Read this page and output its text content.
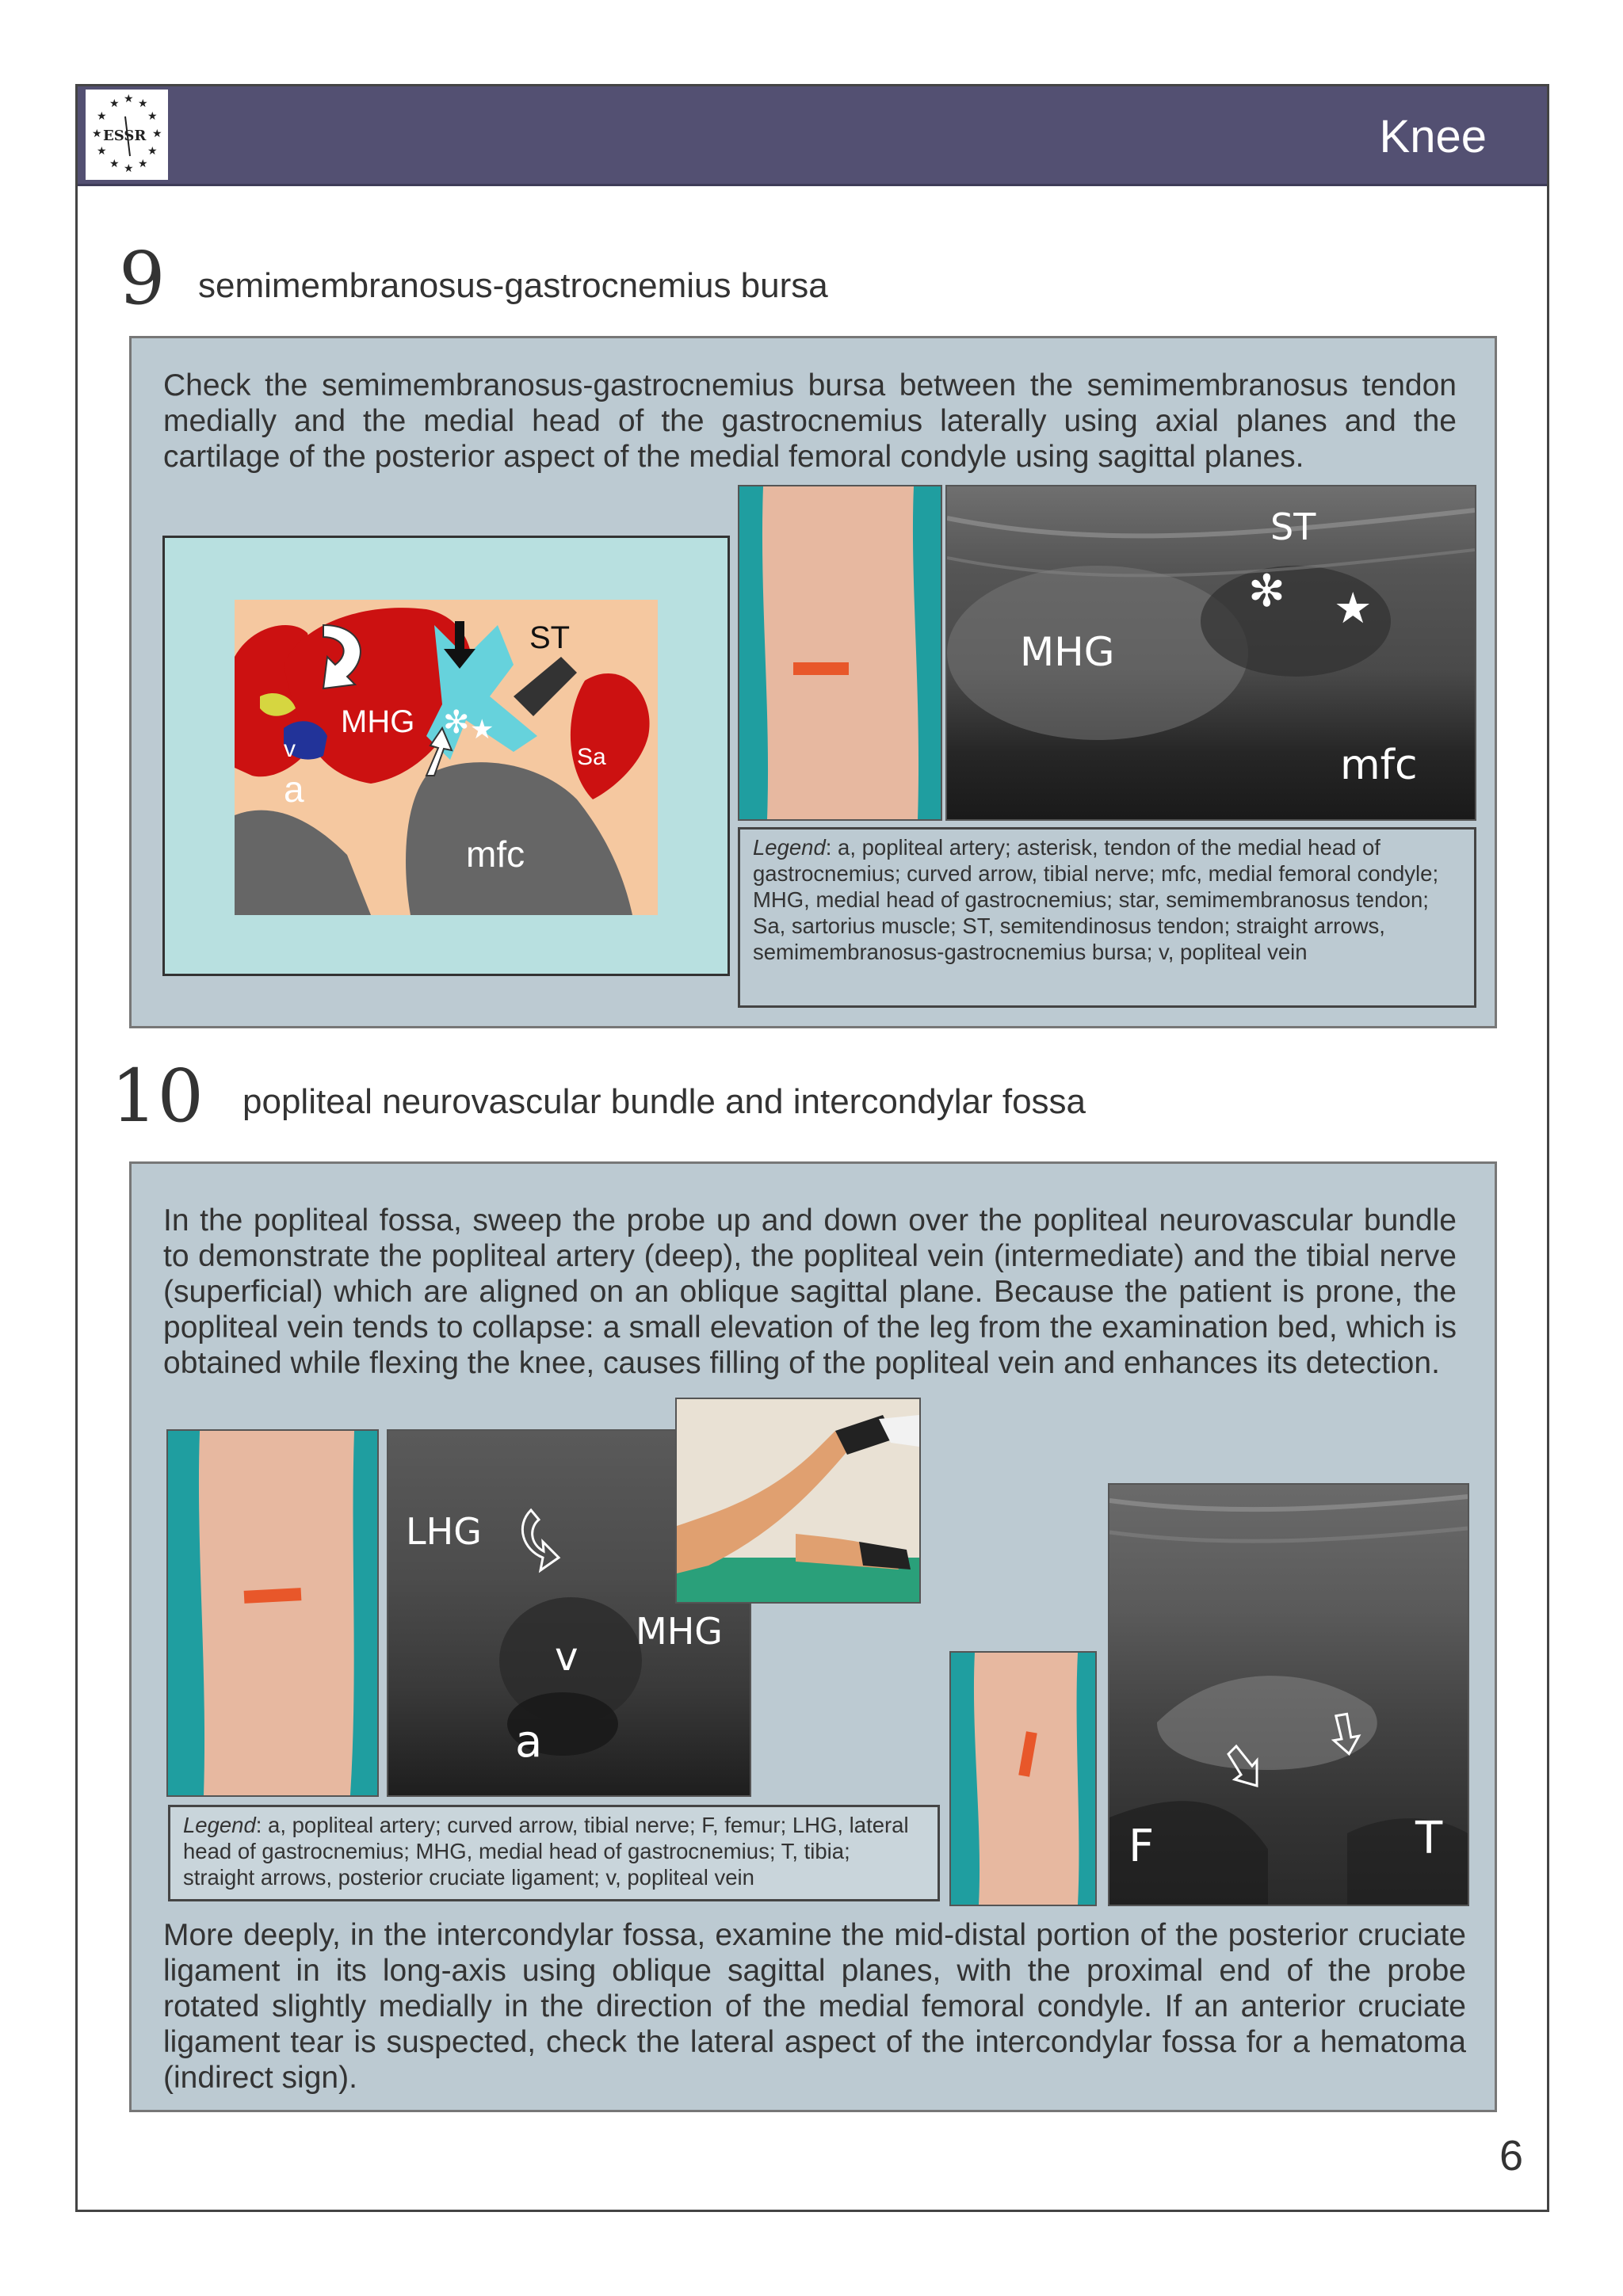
★ ★ ★
★	★
★	★
★	★
★ ★ ★
ESSR	Knee
9 semimembranosus-gastrocnemius bursa

Check the semimembranosus-gastrocnemius bursa between the semimembranosus tendon medially and the medial head of the gastrocnemius laterally using axial planes and the cartilage of the posterior aspect of the medial femoral condyle using sagittal planes.

ST
MHG ✻ ★
v
a
Sa
mfc
ST
✻ ★
MHG
mfc
Legend: a, popliteal artery; asterisk, tendon of the medial head of gastrocnemius; curved arrow, tibial nerve; mfc, medial femoral condyle; MHG, medial head of gastrocnemius; star, semimembranosus tendon; Sa, sartorius muscle; ST, semitendinosus tendon; straight arrows, semimembranosus-gastrocnemius bursa; v, popliteal vein
10 popliteal neurovascular bundle and intercondylar fossa

In the popliteal fossa, sweep the probe up and down over the popliteal neurovascular bundle to demonstrate the popliteal artery (deep), the popliteal vein (intermediate) and the tibial nerve (superficial) which are aligned on an oblique sagittal plane. Because the patient is prone, the popliteal vein tends to collapse: a small elevation of the leg from the examination bed, which is obtained while flexing the knee, causes filling of the popliteal vein and enhances its detection.

LHG
MHG
v
a
Legend: a, popliteal artery; curved arrow, tibial nerve; F, femur; LHG, lateral head of gastrocnemius; MHG, medial head of gastrocnemius; T, tibia; straight arrows, posterior cruciate ligament; v, popliteal vein
F	T

More deeply, in the intercondylar fossa, examine the mid-distal portion of the posterior cruciate ligament in its long-axis using oblique sagittal planes, with the proximal end of the probe rotated slightly medially in the direction of the medial femoral condyle. If an anterior cruciate ligament tear is suspected, check the lateral aspect of the intercondylar fossa for a hematoma (indirect sign).

6
